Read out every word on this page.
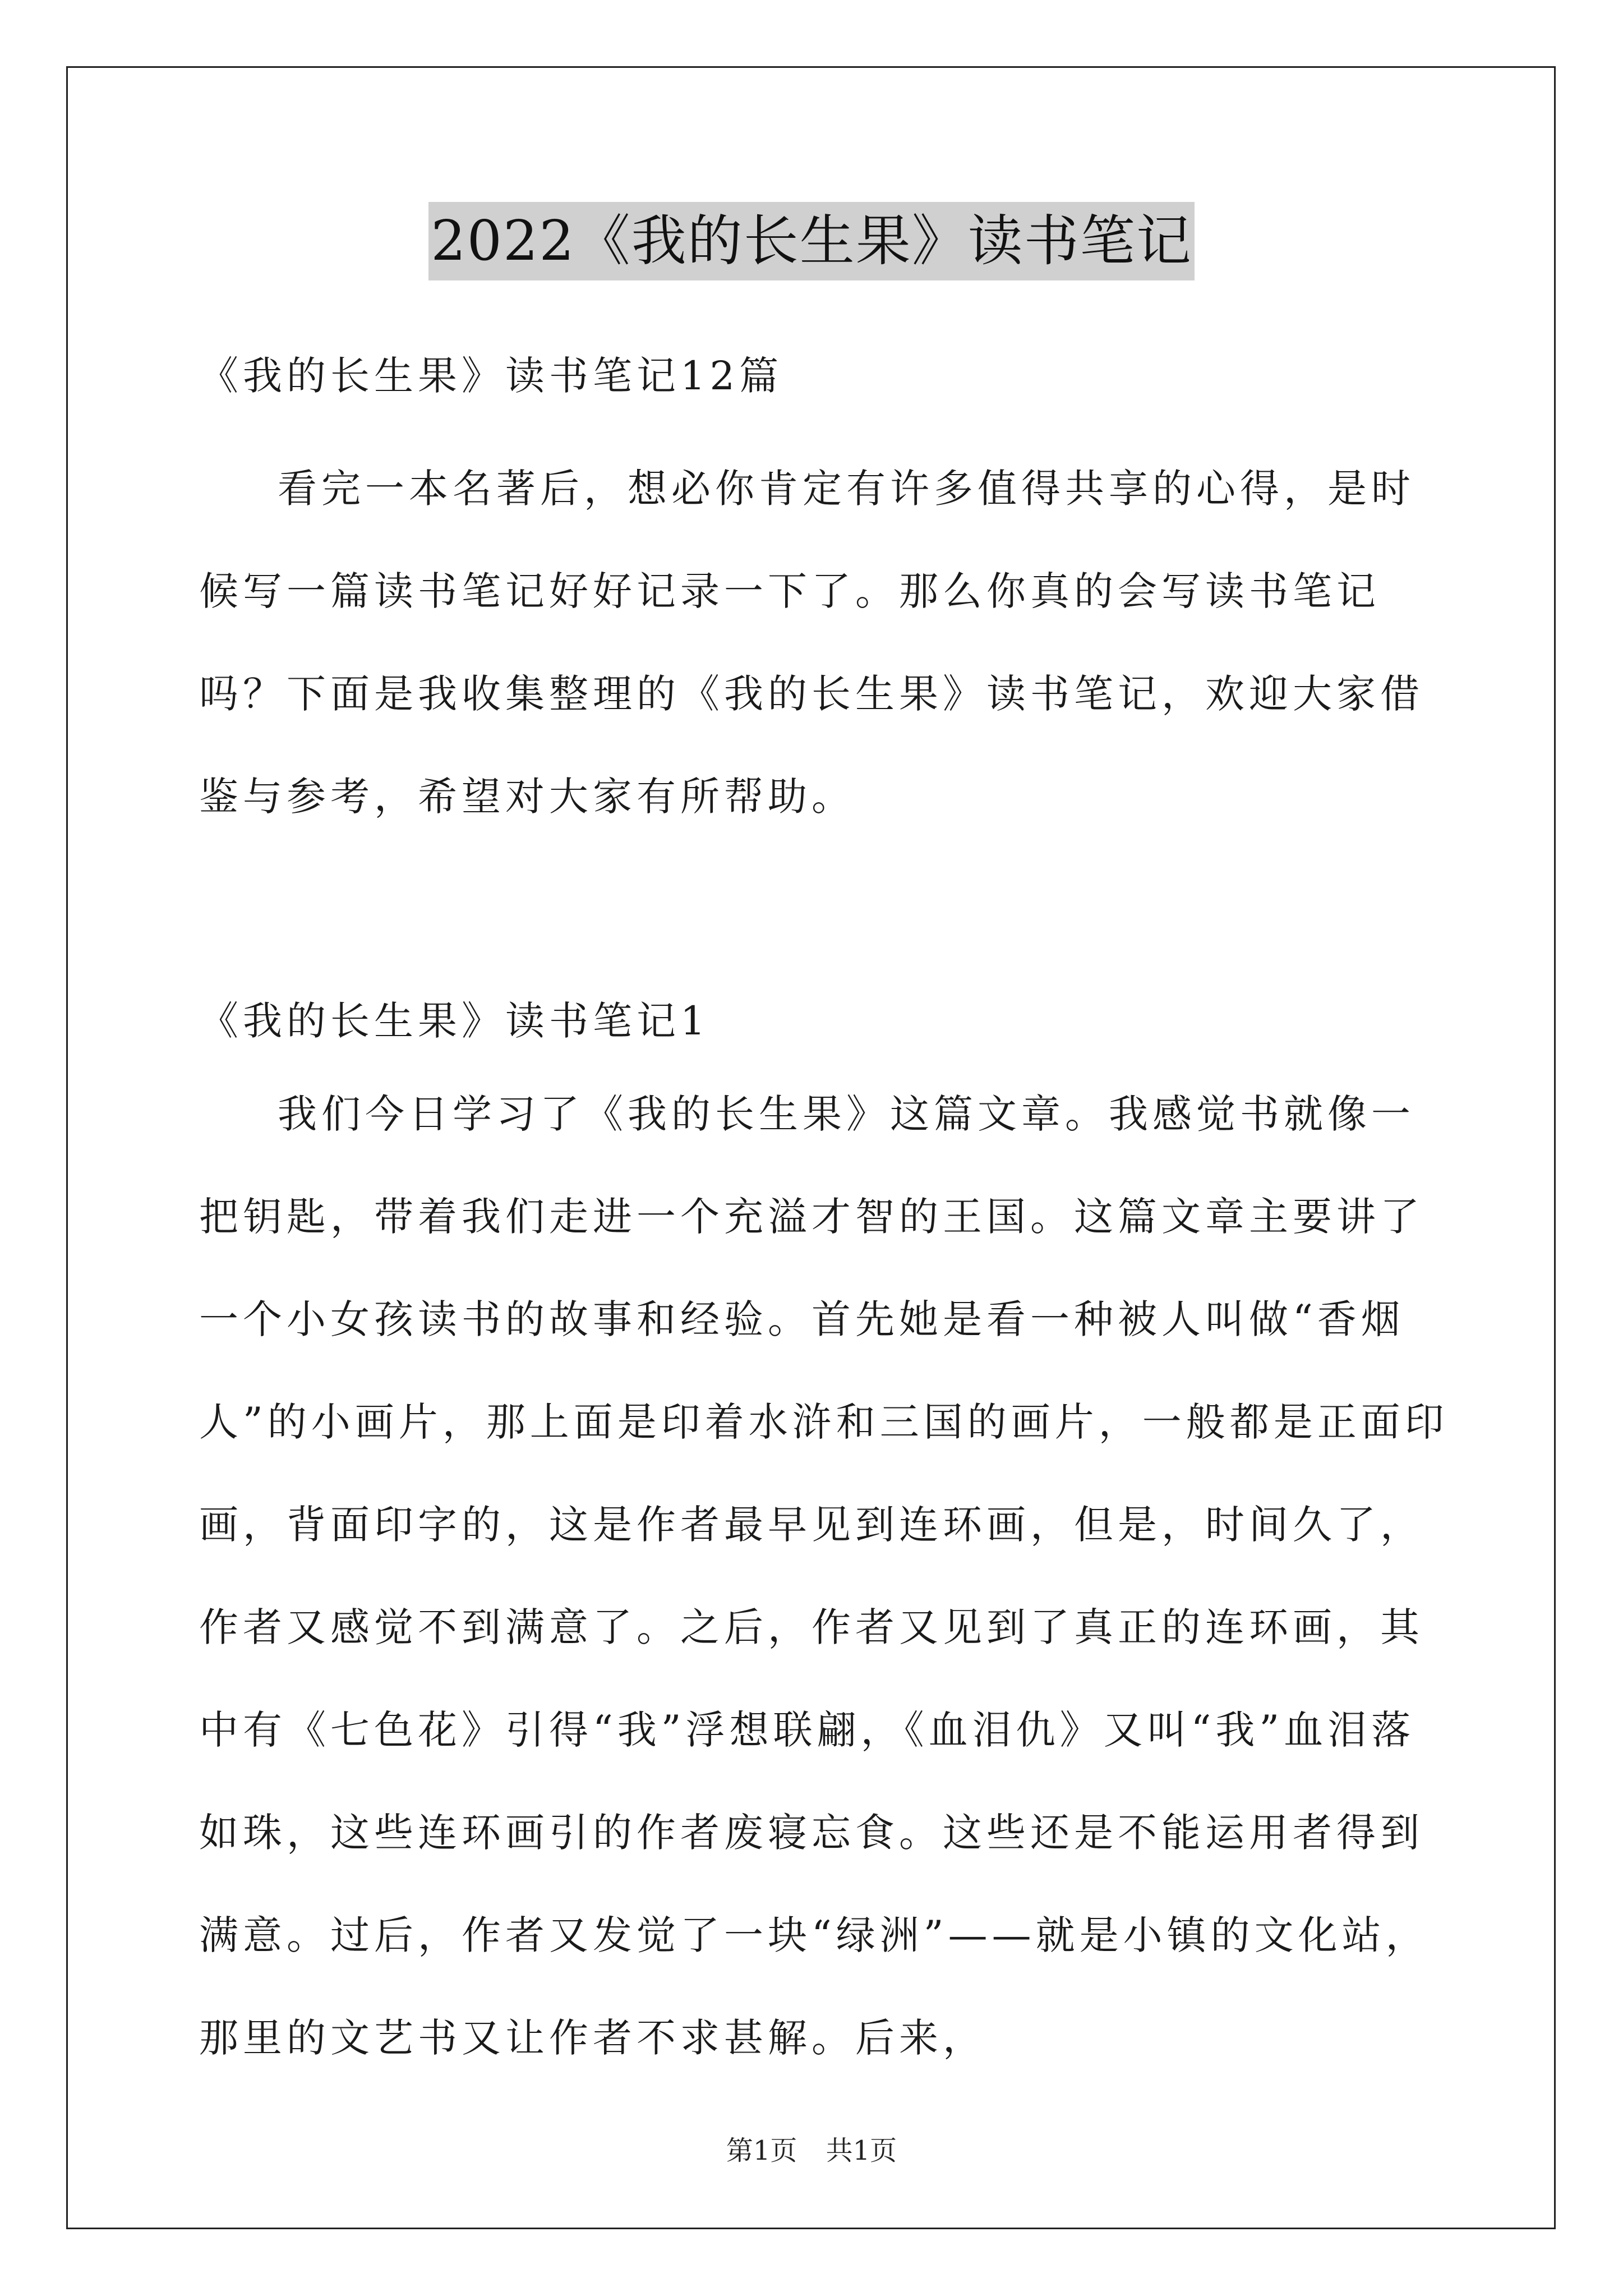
2022《我的长生果》读书笔记
《我的长生果》读书笔记12篇

看完一本名著后，想必你肯定有许多值得共享的心得，是时候写一篇读书笔记好好记录一下了。那么你真的会写读书笔记吗？下面是我收集整理的《我的长生果》读书笔记，欢迎大家借鉴与参考，希望对大家有所帮助。

《我的长生果》读书笔记1

我们今日学习了《我的长生果》这篇文章。我感觉书就像一把钥匙，带着我们走进一个充溢才智的王国。这篇文章主要讲了一个小女孩读书的故事和经验。首先她是看一种被人叫做“香烟人”的小画片，那上面是印着水浒和三国的画片，一般都是正面印画，背面印字的，这是作者最早见到连环画，但是，时间久了，作者又感觉不到满意了。之后，作者又见到了真正的连环画，其中有《七色花》引得“我”浮想联翩，《血泪仇》又叫“我”血泪落如珠，这些连环画引的作者废寝忘食。这些还是不能运用者得到满意。过后，作者又发觉了一块“绿洲”——就是小镇的文化站，那里的文艺书又让作者不求甚解。后来，

第1页 共1页
